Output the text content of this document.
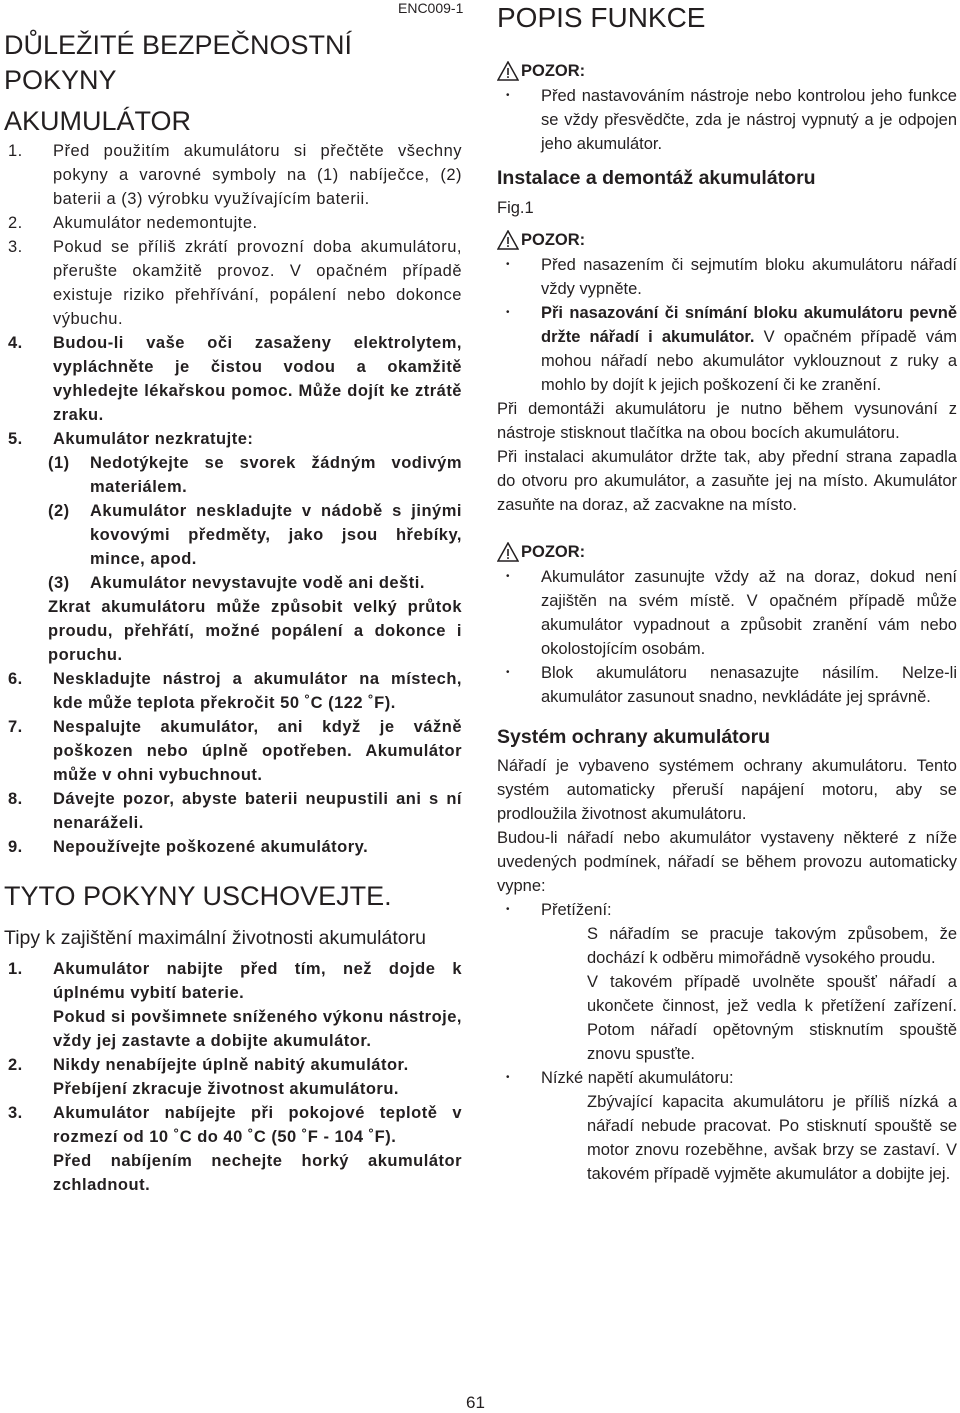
ENC009-1
DŮLEŽITÉ BEZPEČNOSTNÍ POKYNY
AKUMULÁTOR
1. Před použitím akumulátoru si přečtěte všechny pokyny a varovné symboly na (1) nabíječce, (2) baterii a (3) výrobku využívajícím baterii.
2. Akumulátor nedemontujte.
3. Pokud se příliš zkrátí provozní doba akumulátoru, přerušte okamžitě provoz. V opačném případě existuje riziko přehřívání, popálení nebo dokonce výbuchu.
4. Budou-li vaše oči zasaženy elektrolytem, vypláchněte je čistou vodou a okamžitě vyhledejte lékařskou pomoc. Může dojít ke ztrátě zraku.
5. Akumulátor nezkratujte:
(1) Nedotýkejte se svorek žádným vodivým materiálem.
(2) Akumulátor neskladujte v nádobě s jinými kovovými předměty, jako jsou hřebíky, mince, apod.
(3) Akumulátor nevystavujte vodě ani dešti.
Zkrat akumulátoru může způsobit velký průtok proudu, přehřátí, možné popálení a dokonce i poruchu.
6. Neskladujte nástroj a akumulátor na místech, kde může teplota překročit 50 ˚C (122 ˚F).
7. Nespalujte akumulátor, ani když je vážně poškozen nebo úplně opotřeben. Akumulátor může v ohni vybuchnout.
8. Dávejte pozor, abyste baterii neupustili ani s ní nenaráželi.
9. Nepoužívejte poškozené akumulátory.
TYTO POKYNY USCHOVEJTE.
Tipy k zajištění maximální životnosti akumulátoru
1. Akumulátor nabijte před tím, než dojde k úplnému vybití baterie.
Pokud si povšimnete sníženého výkonu nástroje, vždy jej zastavte a dobijte akumulátor.
2. Nikdy nenabíjejte úplně nabitý akumulátor.
Přebíjení zkracuje životnost akumulátoru.
3. Akumulátor nabíjejte při pokojové teplotě v rozmezí od 10 ˚C do 40 ˚C (50 ˚F - 104 ˚F).
Před nabíjením nechejte horký akumulátor zchladnout.
POPIS FUNKCE
POZOR:
• Před nastavováním nástroje nebo kontrolou jeho funkce se vždy přesvědčte, zda je nástroj vypnutý a je odpojen jeho akumulátor.
Instalace a demontáž akumulátoru
Fig.1
POZOR:
• Před nasazením či sejmutím bloku akumulátoru nářadí vždy vypněte.
• Při nasazování či snímání bloku akumulátoru pevně držte nářadí i akumulátor. V opačném případě vám mohou nářadí nebo akumulátor vyklouznout z ruky a mohlo by dojít k jejich poškození či ke zranění.
Při demontáži akumulátoru je nutno během vysunování z nástroje stisknout tlačítka na obou bocích akumulátoru.
Při instalaci akumulátor držte tak, aby přední strana zapadla do otvoru pro akumulátor, a zasuňte jej na místo. Akumulátor zasuňte na doraz, až zacvakne na místo.
POZOR:
• Akumulátor zasunujte vždy až na doraz, dokud není zajištěn na svém místě. V opačném případě může akumulátor vypadnout a způsobit zranění vám nebo okolostojícím osobám.
• Blok akumulátoru nenasazujte násilím. Nelze-li akumulátor zasunout snadno, nevkládáte jej správně.
Systém ochrany akumulátoru
Nářadí je vybaveno systémem ochrany akumulátoru. Tento systém automaticky přeruší napájení motoru, aby se prodloužila životnost akumulátoru.
Budou-li nářadí nebo akumulátor vystaveny některé z níže uvedených podmínek, nářadí se během provozu automaticky vypne:
• Přetížení:
S nářadím se pracuje takovým způsobem, že dochází k odběru mimořádně vysokého proudu.
V takovém případě uvolněte spoušť nářadí a ukončete činnost, jež vedla k přetížení zařízení. Potom nářadí opětovným stisknutím spouště znovu spusťte.
• Nízké napětí akumulátoru:
Zbývající kapacita akumulátoru je příliš nízká a nářadí nebude pracovat. Po stisknutí spouště se motor znovu rozeběhne, avšak brzy se zastaví. V takovém případě vyjměte akumulátor a dobijte jej.
61
